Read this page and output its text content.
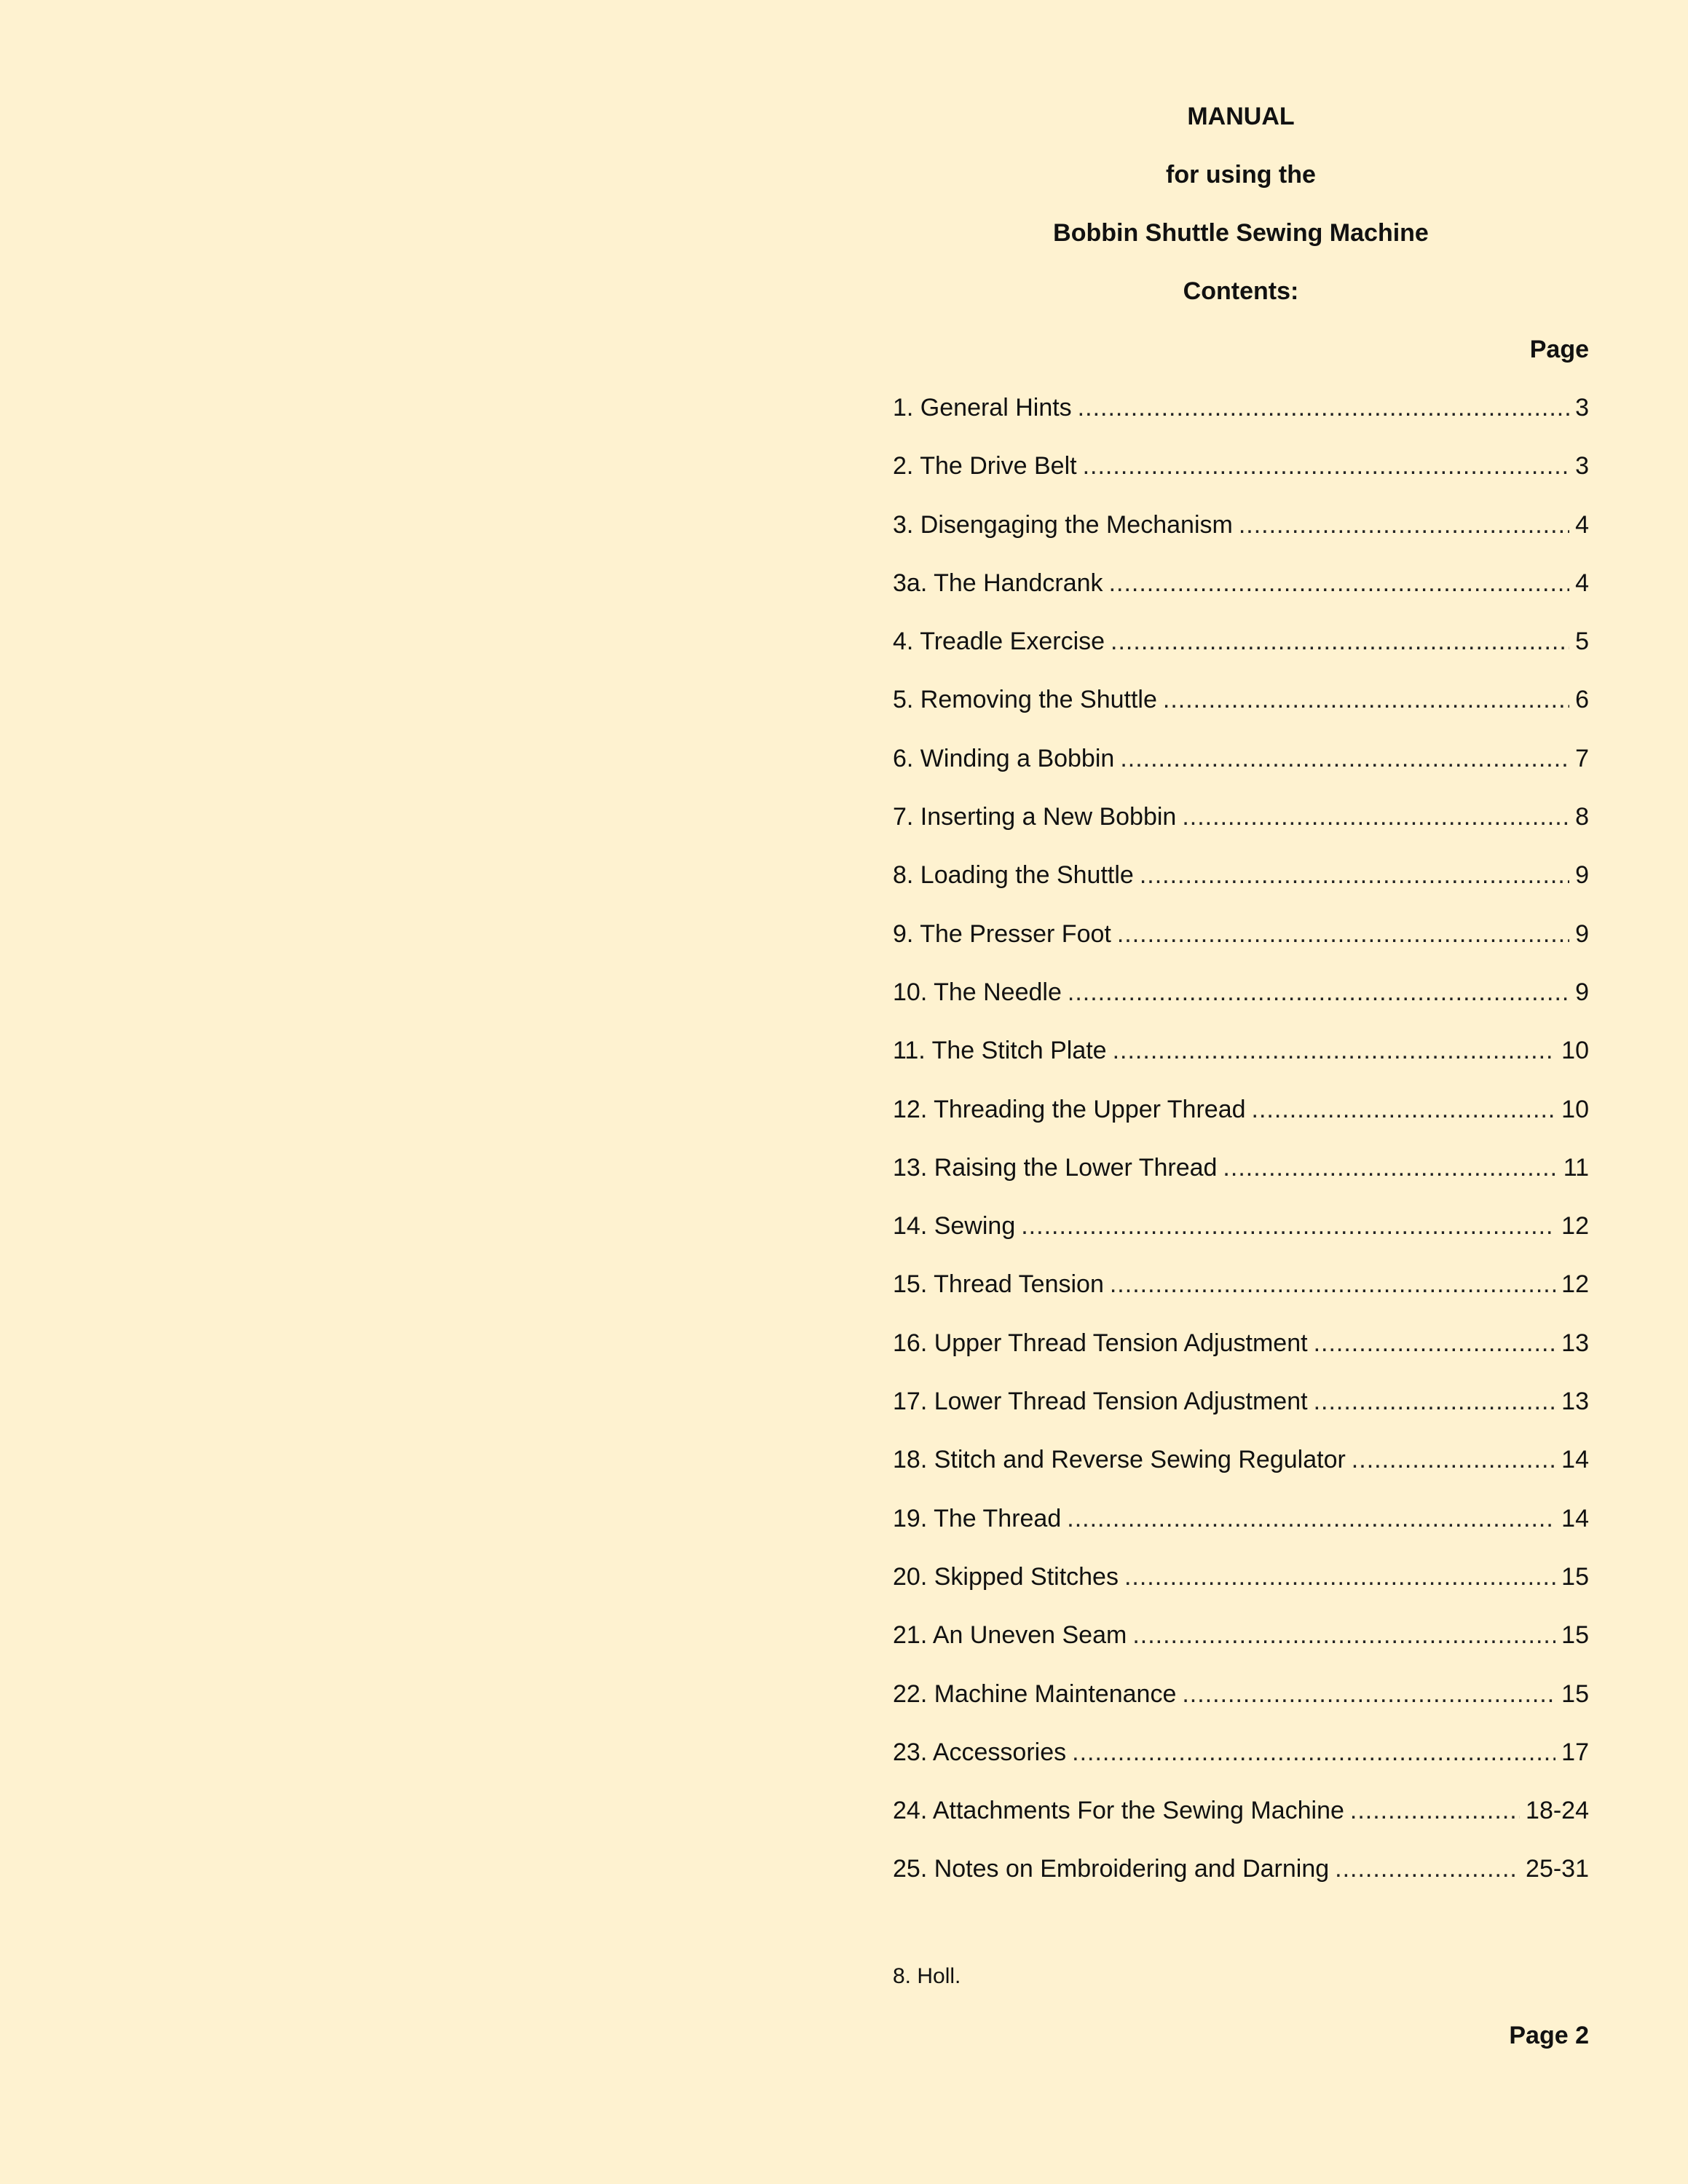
MANUAL
for using the
Bobbin Shuttle Sewing Machine
Contents:
Page
1. General Hints .....	3
2. The Drive Belt .....	3
3. Disengaging the Mechanism .....	4
3a. The Handcrank .....	4
4. Treadle Exercise .....	5
5. Removing the Shuttle .....	6
6. Winding a Bobbin .....	7
7. Inserting a New Bobbin .....	8
8. Loading the Shuttle .....	9
9. The Presser Foot .....	9
10. The Needle .....	9
11. The Stitch Plate .....	10
12. Threading the Upper Thread .....	10
13. Raising the Lower Thread .....	11
14. Sewing .....	12
15. Thread Tension .....	12
16. Upper Thread Tension Adjustment .....	13
17. Lower Thread Tension Adjustment .....	13
18. Stitch and Reverse Sewing Regulator .....	14
19. The Thread .....	14
20. Skipped Stitches .....	15
21. An Uneven Seam .....	15
22. Machine Maintenance .....	15
23. Accessories .....	17
24. Attachments For the Sewing Machine .....	18-24
25. Notes on Embroidering and Darning .....	25-31
8. Holl.
Page 2
